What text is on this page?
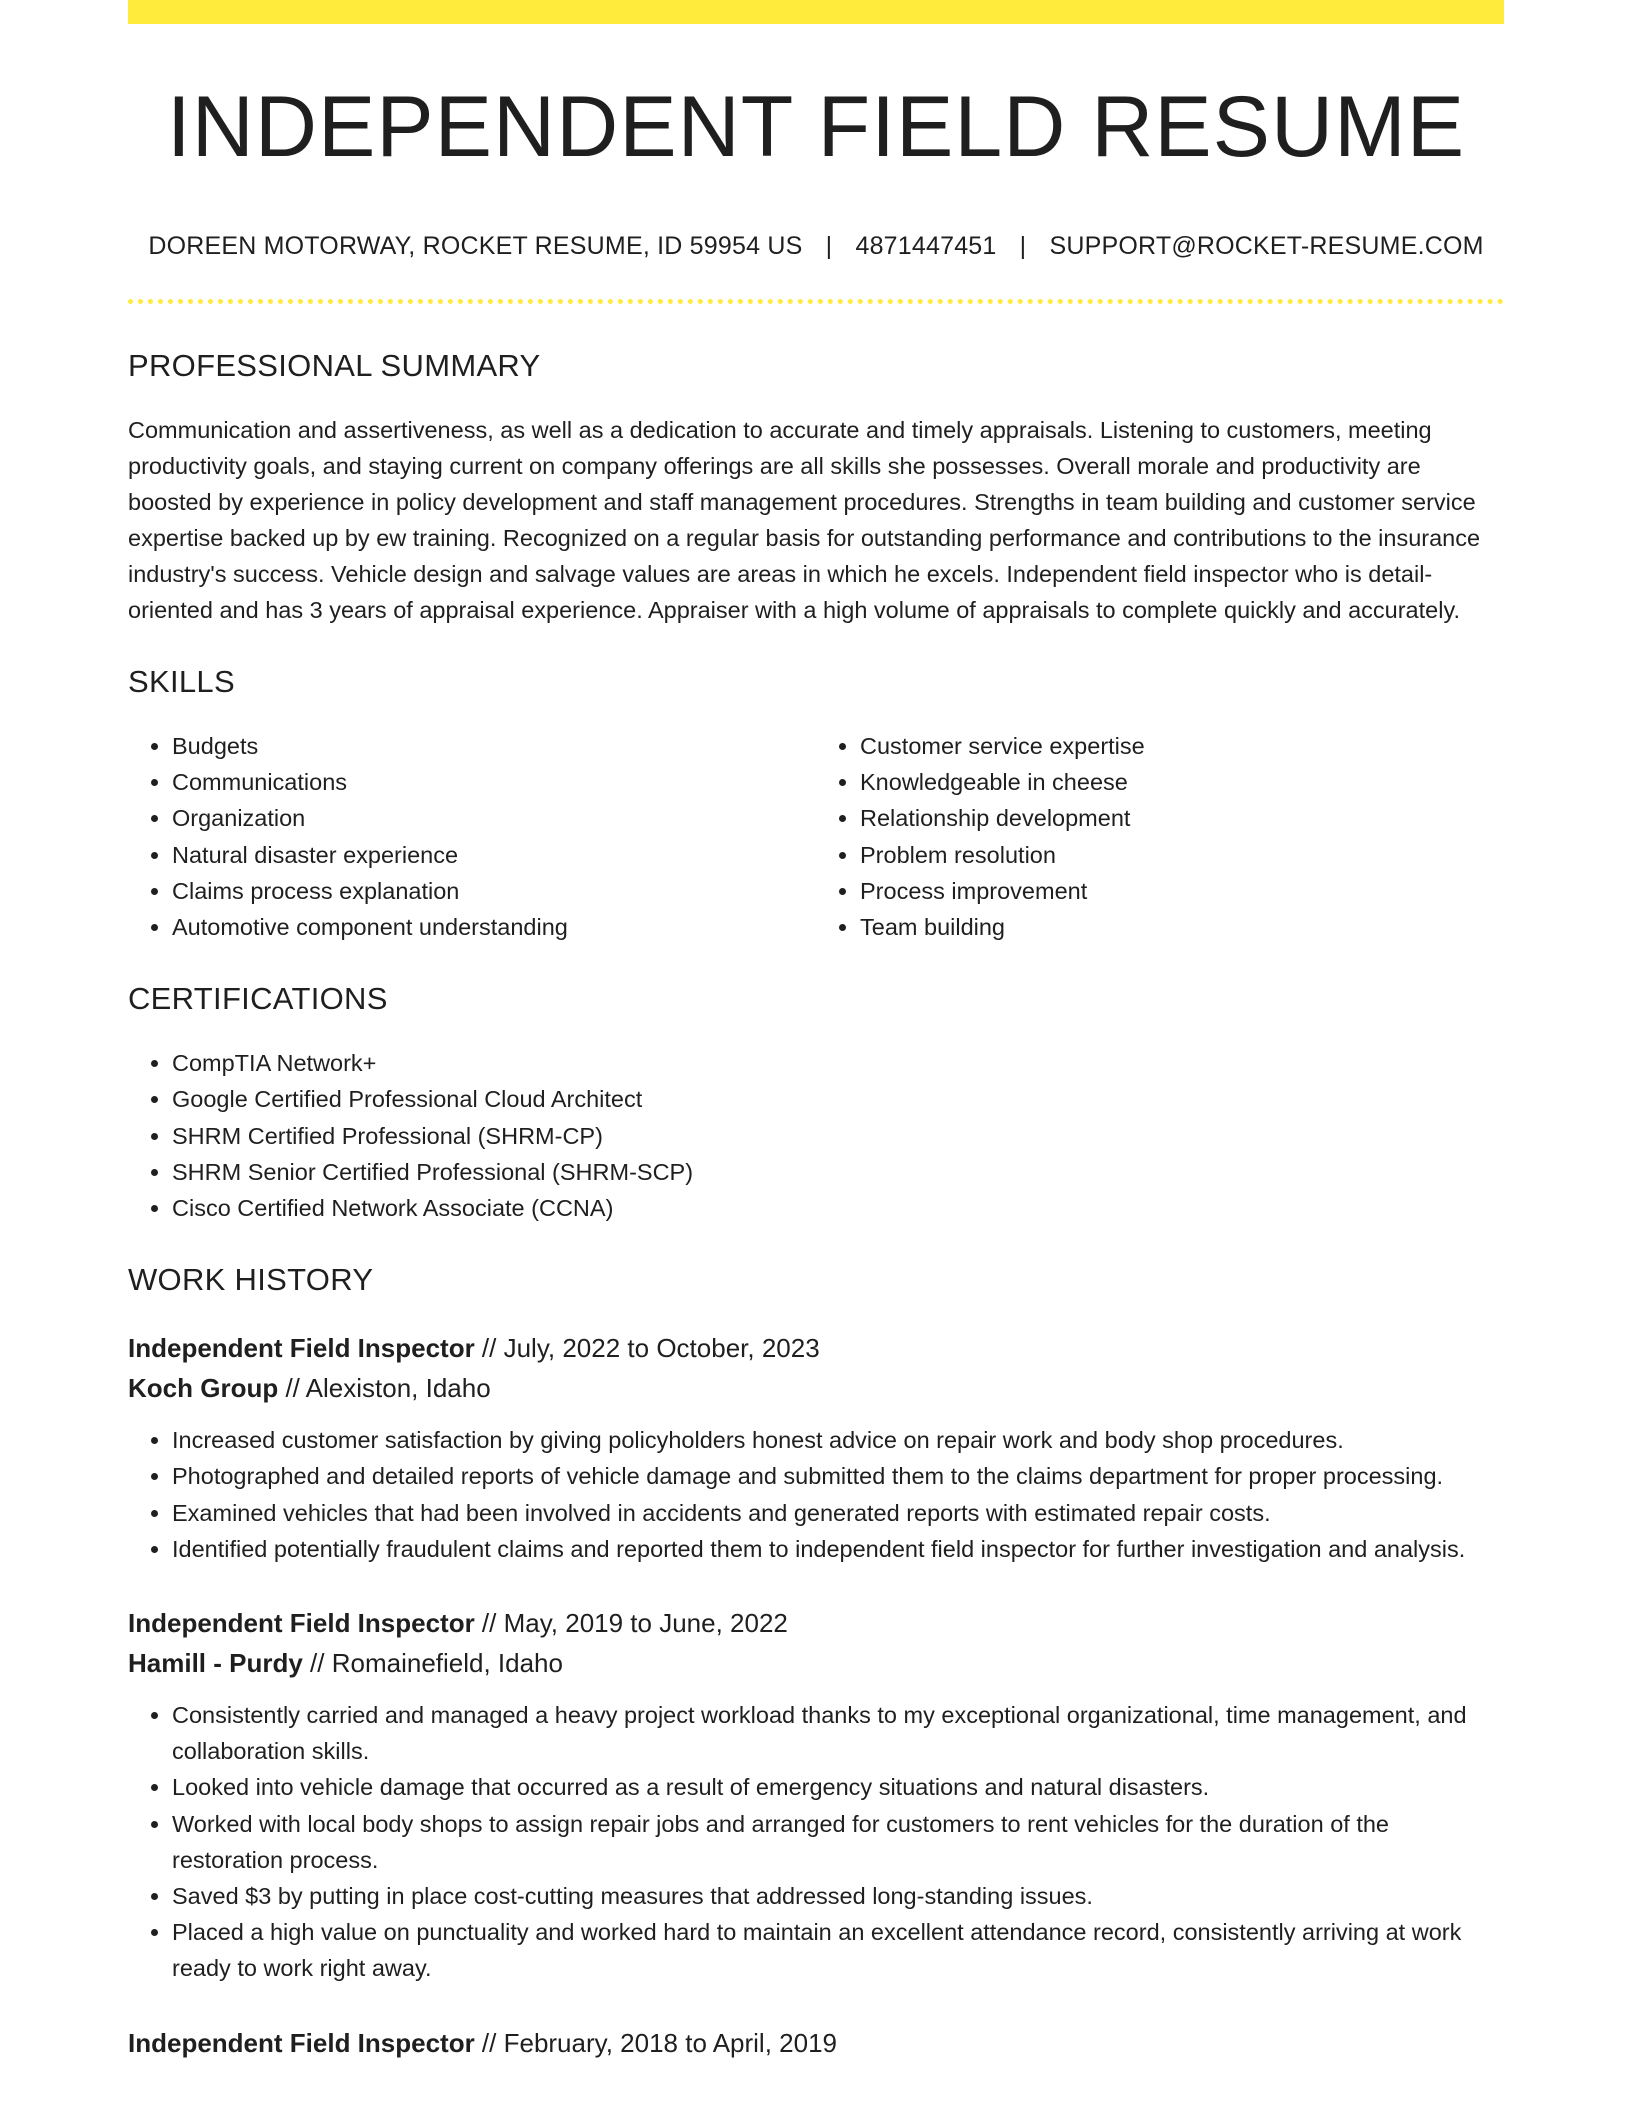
INDEPENDENT FIELD RESUME
DOREEN MOTORWAY, ROCKET RESUME, ID 59954 US | 4871447451 | SUPPORT@ROCKET-RESUME.COM
PROFESSIONAL SUMMARY

Communication and assertiveness, as well as a dedication to accurate and timely appraisals. Listening to customers, meeting productivity goals, and staying current on company offerings are all skills she possesses. Overall morale and productivity are boosted by experience in policy development and staff management procedures. Strengths in team building and customer service expertise backed up by ew training. Recognized on a regular basis for outstanding performance and contributions to the insurance industry's success. Vehicle design and salvage values are areas in which he excels. Independent field inspector who is detail-oriented and has 3 years of appraisal experience. Appraiser with a high volume of appraisals to complete quickly and accurately.

SKILLS
• Budgets
• Communications
• Organization
• Natural disaster experience
• Claims process explanation
• Automotive component understanding
• Customer service expertise
• Knowledgeable in cheese
• Relationship development
• Problem resolution
• Process improvement
• Team building
CERTIFICATIONS
• CompTIA Network+
• Google Certified Professional Cloud Architect
• SHRM Certified Professional (SHRM-CP)
• SHRM Senior Certified Professional (SHRM-SCP)
• Cisco Certified Network Associate (CCNA)
WORK HISTORY
Independent Field Inspector // July, 2022 to October, 2023
Koch Group // Alexiston, Idaho
• Increased customer satisfaction by giving policyholders honest advice on repair work and body shop procedures.
• Photographed and detailed reports of vehicle damage and submitted them to the claims department for proper processing.
• Examined vehicles that had been involved in accidents and generated reports with estimated repair costs.
• Identified potentially fraudulent claims and reported them to independent field inspector for further investigation and analysis.
Independent Field Inspector // May, 2019 to June, 2022
Hamill - Purdy // Romainefield, Idaho
• Consistently carried and managed a heavy project workload thanks to my exceptional organizational, time management, and collaboration skills.
• Looked into vehicle damage that occurred as a result of emergency situations and natural disasters.
• Worked with local body shops to assign repair jobs and arranged for customers to rent vehicles for the duration of the restoration process.
• Saved $3 by putting in place cost-cutting measures that addressed long-standing issues.
• Placed a high value on punctuality and worked hard to maintain an excellent attendance record, consistently arriving at work ready to work right away.
Independent Field Inspector // February, 2018 to April, 2019
